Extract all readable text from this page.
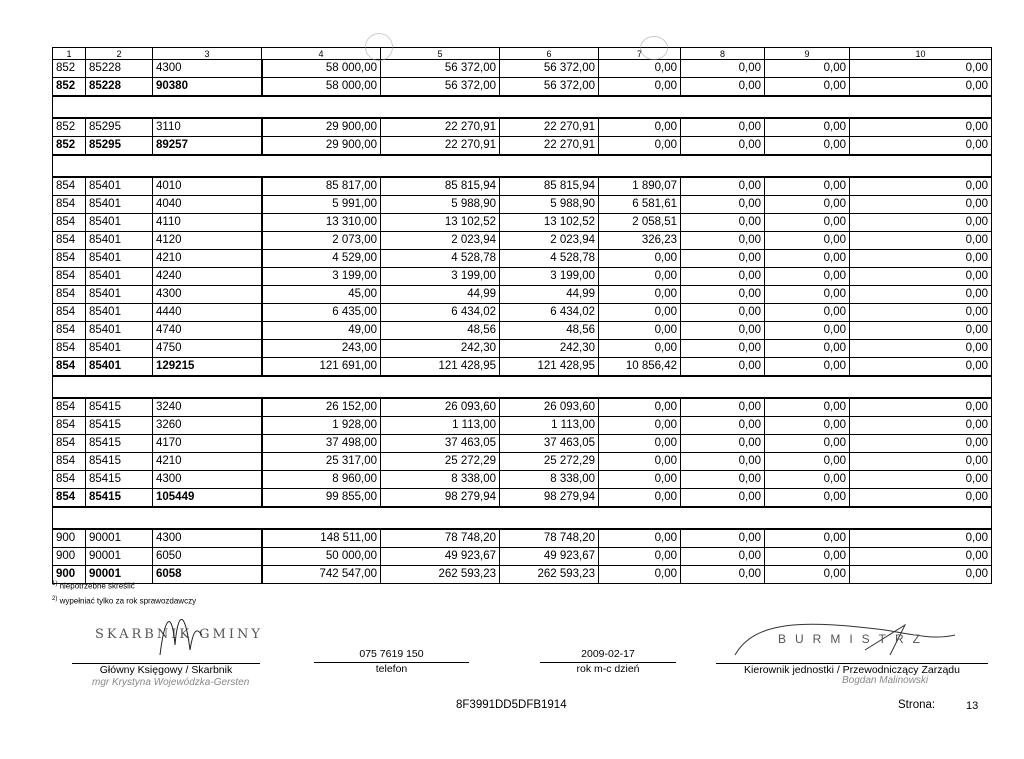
1	2	3	4	5	6	7	8	9	10
852	85228	4300	58 000,00	56 372,00	56 372,00	0,00	0,00	0,00	0,00
852	85228	90380	58 000,00	56 372,00	56 372,00	0,00	0,00	0,00	0,00

852	85295	3110	29 900,00	22 270,91	22 270,91	0,00	0,00	0,00	0,00
852	85295	89257	29 900,00	22 270,91	22 270,91	0,00	0,00	0,00	0,00

854	85401	4010	85 817,00	85 815,94	85 815,94	1 890,07	0,00	0,00	0,00
854	85401	4040	5 991,00	5 988,90	5 988,90	6 581,61	0,00	0,00	0,00
854	85401	4110	13 310,00	13 102,52	13 102,52	2 058,51	0,00	0,00	0,00
854	85401	4120	2 073,00	2 023,94	2 023,94	326,23	0,00	0,00	0,00
854	85401	4210	4 529,00	4 528,78	4 528,78	0,00	0,00	0,00	0,00
854	85401	4240	3 199,00	3 199,00	3 199,00	0,00	0,00	0,00	0,00
854	85401	4300	45,00	44,99	44,99	0,00	0,00	0,00	0,00
854	85401	4440	6 435,00	6 434,02	6 434,02	0,00	0,00	0,00	0,00
854	85401	4740	49,00	48,56	48,56	0,00	0,00	0,00	0,00
854	85401	4750	243,00	242,30	242,30	0,00	0,00	0,00	0,00
854	85401	129215	121 691,00	121 428,95	121 428,95	10 856,42	0,00	0,00	0,00

854	85415	3240	26 152,00	26 093,60	26 093,60	0,00	0,00	0,00	0,00
854	85415	3260	1 928,00	1 113,00	1 113,00	0,00	0,00	0,00	0,00
854	85415	4170	37 498,00	37 463,05	37 463,05	0,00	0,00	0,00	0,00
854	85415	4210	25 317,00	25 272,29	25 272,29	0,00	0,00	0,00	0,00
854	85415	4300	8 960,00	8 338,00	8 338,00	0,00	0,00	0,00	0,00
854	85415	105449	99 855,00	98 279,94	98 279,94	0,00	0,00	0,00	0,00

900	90001	4300	148 511,00	78 748,20	78 748,20	0,00	0,00	0,00	0,00
900	90001	6050	50 000,00	49 923,67	49 923,67	0,00	0,00	0,00	0,00
900	90001	6058	742 547,00	262 593,23	262 593,23	0,00	0,00	0,00	0,00
$^{1)}$ niepotrzebne skreślić
$^{2)}$ wypełniać tylko za rok sprawozdawczy
SKARBNIK GMINY
Główny Księgowy / Skarbnik
mgr Krystyna Wojewódzka-Gersten
075 7619 150
telefon
2009-02-17
rok m-c dzień
BURMISTRZ
Kierownik jednostki / Przewodniczący Zarządu
Bogdan Malinowski
8F3991DD5DFB1914	Strona:	13
